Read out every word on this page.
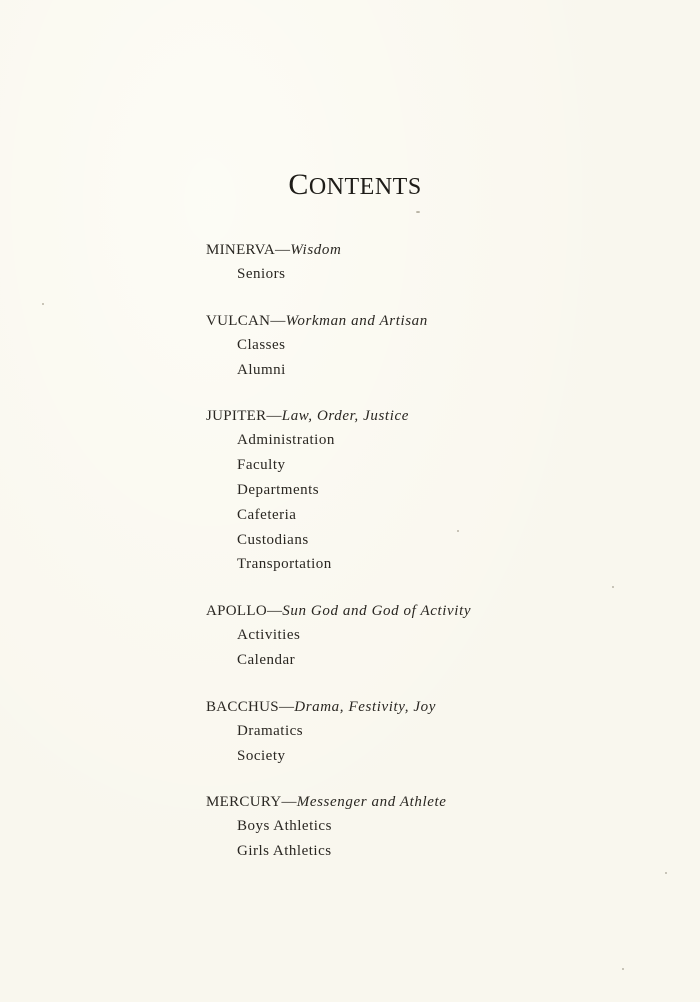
CONTENTS
MINERVA—Wisdom
Seniors
VULCAN—Workman and Artisan
Classes
Alumni
JUPITER—Law, Order, Justice
Administration
Faculty
Departments
Cafeteria
Custodians
Transportation
APOLLO—Sun God and God of Activity
Activities
Calendar
BACCHUS—Drama, Festivity, Joy
Dramatics
Society
MERCURY—Messenger and Athlete
Boys Athletics
Girls Athletics
